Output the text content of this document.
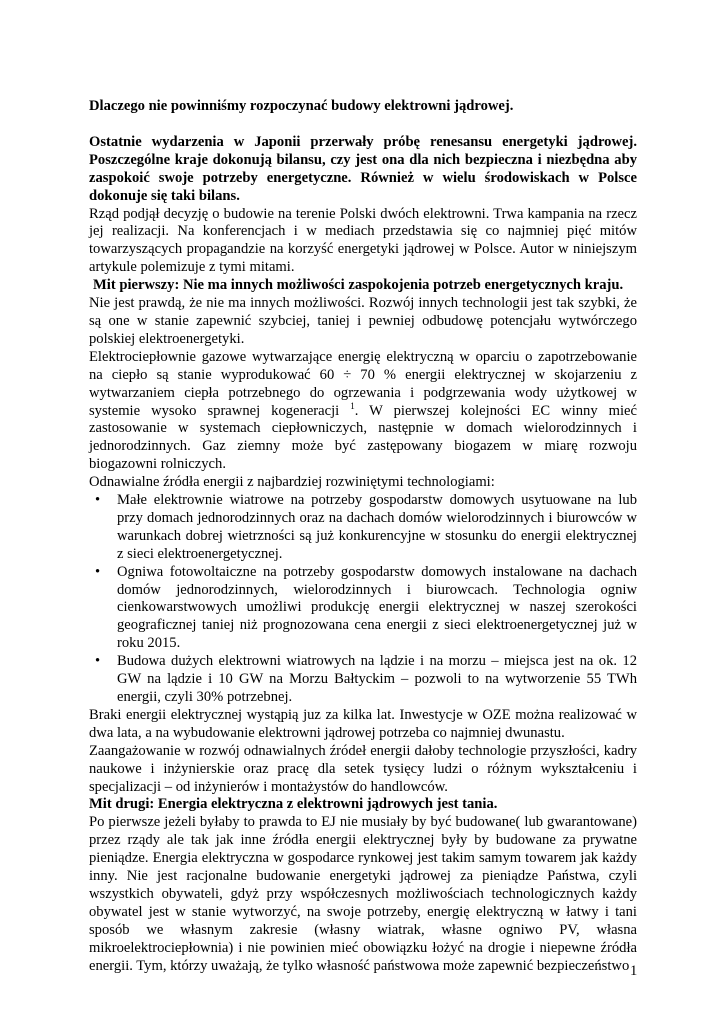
Dlaczego nie powinniśmy rozpoczynać budowy elektrowni jądrowej.

Ostatnie wydarzenia w Japonii przerwały próbę renesansu energetyki jądrowej. Poszczególne kraje dokonują bilansu, czy jest ona dla nich bezpieczna i niezbędna aby zaspokoić swoje potrzeby energetyczne. Również w wielu środowiskach w Polsce dokonuje się taki bilans.

Rząd podjął decyzję o budowie na terenie Polski dwóch elektrowni. Trwa kampania na rzecz jej realizacji. Na konferencjach i w mediach przedstawia się co najmniej pięć mitów towarzyszących propagandzie na korzyść energetyki jądrowej w Polsce. Autor w niniejszym artykule polemizuje z tymi mitami.

Mit pierwszy: Nie ma innych możliwości zaspokojenia potrzeb energetycznych kraju.

Nie jest prawdą, że nie ma innych możliwości. Rozwój innych technologii jest tak szybki, że są one w stanie zapewnić szybciej, taniej i pewniej odbudowę potencjału wytwórczego polskiej elektroenergetyki.

Elektrociepłownie gazowe wytwarzające energię elektryczną w oparciu o zapotrzebowanie na ciepło są stanie wyprodukować 60 ÷ 70 % energii elektrycznej w skojarzeniu z wytwarzaniem ciepła potrzebnego do ogrzewania i podgrzewania wody użytkowej w systemie wysoko sprawnej kogeneracji $^1$. W pierwszej kolejności EC winny mieć zastosowanie w systemach ciepłowniczych, następnie w domach wielorodzinnych i jednorodzinnych. Gaz ziemny może być zastępowany biogazem w miarę rozwoju biogazowni rolniczych.

Odnawialne źródła energii z najbardziej rozwiniętymi technologiami:

• Małe elektrownie wiatrowe na potrzeby gospodarstw domowych usytuowane na lub przy domach jednorodzinnych oraz na dachach domów wielorodzinnych i biurowców w warunkach dobrej wietrzności są już konkurencyjne w stosunku do energii elektrycznej z sieci elektroenergetycznej.
• Ogniwa fotowoltaiczne na potrzeby gospodarstw domowych instalowane na dachach domów jednorodzinnych, wielorodzinnych i biurowcach. Technologia ogniw cienkowarstwowych umożliwi produkcję energii elektrycznej w naszej szerokości geograficznej taniej niż prognozowana cena energii z sieci elektroenergetycznej już w roku 2015.
• Budowa dużych elektrowni wiatrowych na lądzie i na morzu – miejsca jest na ok. 12 GW na lądzie i 10 GW na Morzu Bałtyckim – pozwoli to na wytworzenie 55 TWh energii, czyli 30% potrzebnej.

Braki energii elektrycznej wystąpią juz za kilka lat. Inwestycje w OZE można realizować w dwa lata, a na wybudowanie elektrowni jądrowej potrzeba co najmniej dwunastu.

Zaangażowanie w rozwój odnawialnych źródeł energii dałoby technologie przyszłości, kadry naukowe i inżynierskie oraz pracę dla setek tysięcy ludzi o różnym wykształceniu i specjalizacji – od inżynierów i montażystów do handlowców.

Mit drugi: Energia elektryczna z elektrowni jądrowych jest tania.

Po pierwsze jeżeli byłaby to prawda to EJ nie musiały by być budowane( lub gwarantowane) przez rządy ale tak jak inne źródła energii elektrycznej były by budowane za prywatne pieniądze. Energia elektryczna w gospodarce rynkowej jest takim samym towarem jak każdy inny. Nie jest racjonalne budowanie energetyki jądrowej za pieniądze Państwa, czyli wszystkich obywateli, gdyż przy współczesnych możliwościach technologicznych każdy obywatel jest w stanie wytworzyć, na swoje potrzeby, energię elektryczną w łatwy i tani sposób we własnym zakresie (własny wiatrak, własne ogniwo PV, własna mikroelektrociepłownia) i nie powinien mieć obowiązku łożyć na drogie i niepewne źródła energii. Tym, którzy uważają, że tylko własność państwowa może zapewnić bezpieczeństwo 1
